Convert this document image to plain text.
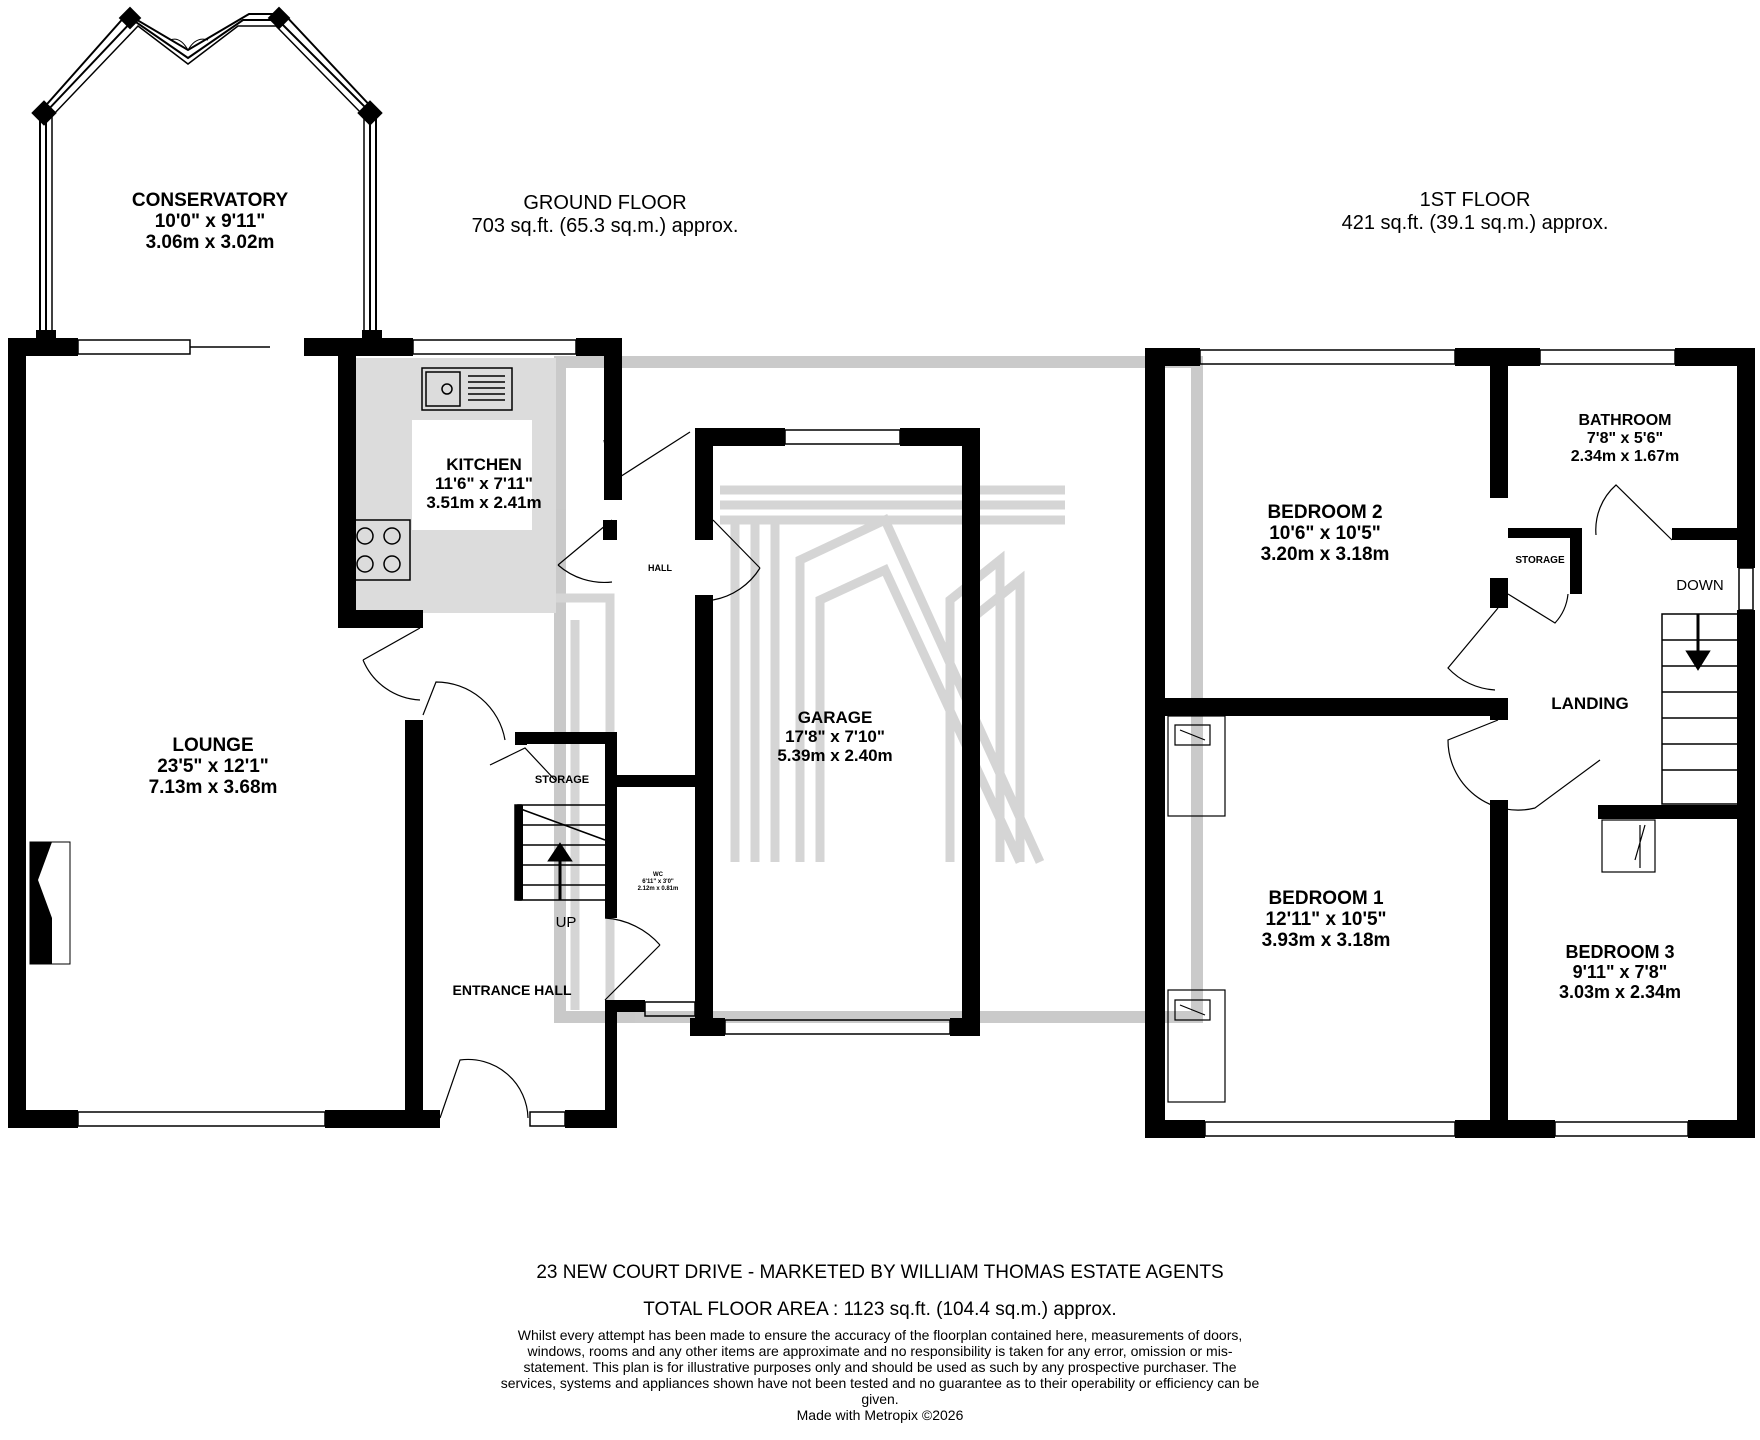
GROUND FLOOR
703 sq.ft. (65.3 sq.m.) approx.
1ST FLOOR
421 sq.ft. (39.1 sq.m.) approx.
CONSERVATORY
10'0" x 9'11"
3.06m x 3.02m
KITCHEN
11'6" x 7'11"
3.51m x 2.41m
LOUNGE
23'5" x 12'1"
7.13m x 3.68m
GARAGE
17'8" x 7'10"
5.39m x 2.40m
WC
6'11" x 3'0"
2.12m x 0.81m
HALL
STORAGE
ENTRANCE HALL
UP
BEDROOM 2
10'6" x 10'5"
3.20m x 3.18m
BATHROOM
7'8" x 5'6"
2.34m x 1.67m
BEDROOM 1
12'11" x 10'5"
3.93m x 3.18m
BEDROOM 3
9'11" x 7'8"
3.03m x 2.34m
STORAGE
LANDING
DOWN
23 NEW COURT DRIVE - MARKETED BY WILLIAM THOMAS ESTATE AGENTS
TOTAL FLOOR AREA : 1123 sq.ft. (104.4 sq.m.) approx.
Whilst every attempt has been made to ensure the accuracy of the floorplan contained here, measurements of doors, windows, rooms and any other items are approximate and no responsibility is taken for any error, omission or mis-statement. This plan is for illustrative purposes only and should be used as such by any prospective purchaser. The services, systems and appliances shown have not been tested and no guarantee as to their operability or efficiency can be given.
Made with Metropix ©2026
